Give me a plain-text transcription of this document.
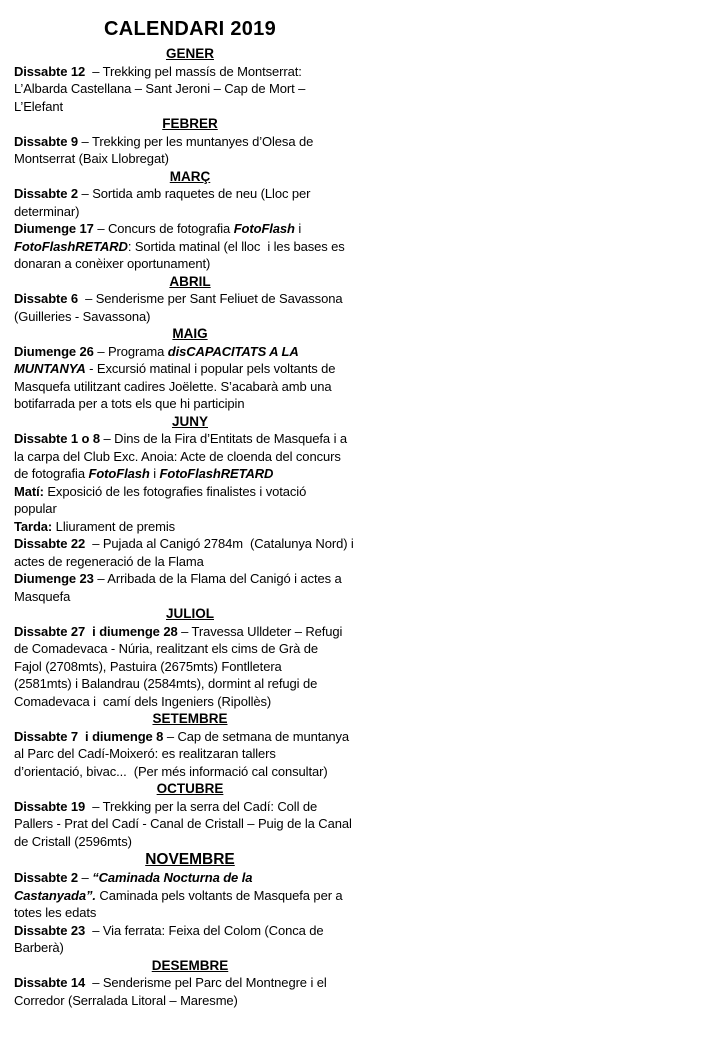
CALENDARI 2019
GENER
Dissabte 12  – Trekking pel massís de Montserrat:
L’Albarda Castellana – Sant Jeroni – Cap de Mort –
L’Elefant
FEBRER
Dissabte 9 – Trekking per les muntanyes d’Olesa de
Montserrat (Baix Llobregat)
MARÇ
Dissabte 2 – Sortida amb raquetes de neu (Lloc per
determinar)
Diumenge 17 – Concurs de fotografia FotoFlash i
FotoFlashRETARD: Sortida matinal (el lloc  i les bases es
donaran a conèixer oportunament)
ABRIL
Dissabte 6  – Senderisme per Sant Feliuet de Savassona
(Guilleries - Savassona)
MAIG
Diumenge 26 – Programa disCAPACITATS A LA
MUNTANYA - Excursió matinal i popular pels voltants de
Masquefa utilitzant cadires Joëlette. S’acabarà amb una
botifarrada per a tots els que hi participin
JUNY
Dissabte 1 o 8 – Dins de la Fira d’Entitats de Masquefa i a
la carpa del Club Exc. Anoia: Acte de cloenda del concurs
de fotografia FotoFlash i FotoFlashRETARD
Matí: Exposició de les fotografies finalistes i votació
popular
Tarda: Lliurament de premis
Dissabte 22  – Pujada al Canigó 2784m  (Catalunya Nord) i
actes de regeneració de la Flama
Diumenge 23 – Arribada de la Flama del Canigó i actes a
Masquefa
JULIOL
Dissabte 27  i diumenge 28 – Travessa Ulldeter – Refugi
de Comadevaca - Núria, realitzant els cims de Grà de
Fajol (2708mts), Pastuira (2675mts) Fontlletera
(2581mts) i Balandrau (2584mts), dormint al refugi de
Comadevaca i  camí dels Ingeniers (Ripollès)
SETEMBRE
Dissabte 7  i diumenge 8 – Cap de setmana de muntanya
al Parc del Cadí-Moixeró: es realitzaran tallers
d’orientació, bivac...  (Per més informació cal consultar)
OCTUBRE
Dissabte 19  – Trekking per la serra del Cadí: Coll de
Pallers - Prat del Cadí - Canal de Cristall – Puig de la Canal
de Cristall (2596mts)
NOVEMBRE
Dissabte 2 – “Caminada Nocturna de la
Castanyada”. Caminada pels voltants de Masquefa per a
totes les edats
Dissabte 23  – Via ferrata: Feixa del Colom (Conca de
Barberà)
DESEMBRE
Dissabte 14  – Senderisme pel Parc del Montnegre i el
Corredor (Serralada Litoral – Maresme)
